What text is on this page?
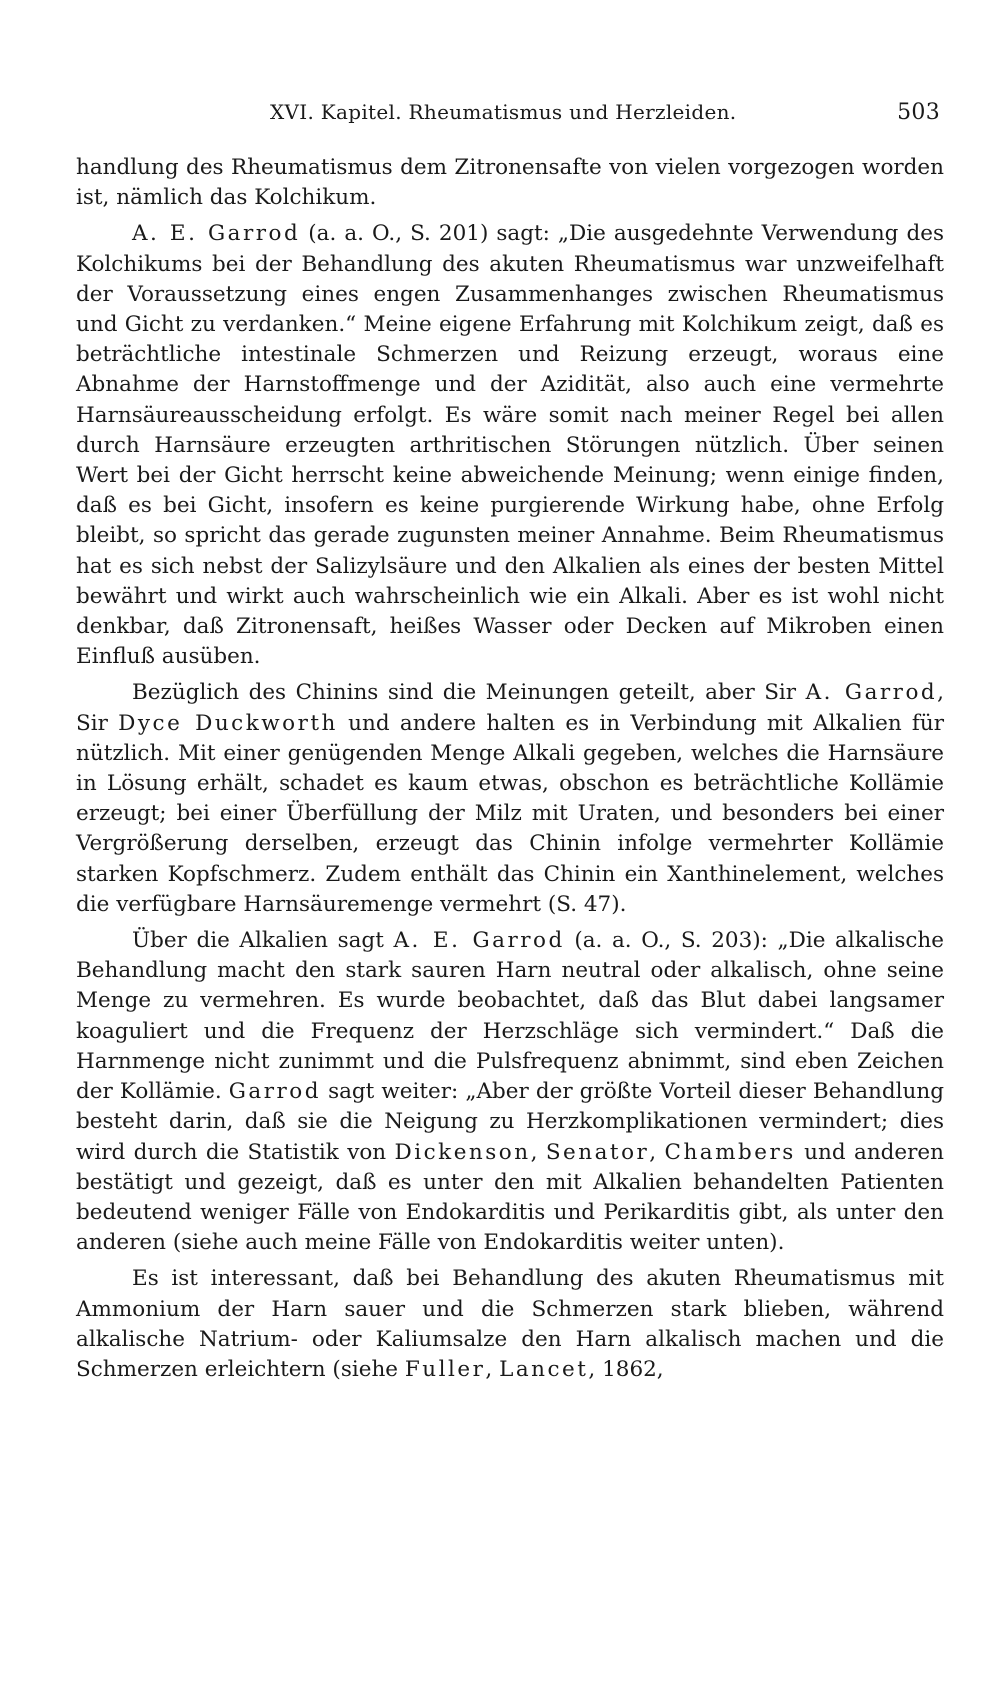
XVI. Kapitel. Rheumatismus und Herzleiden.	503

handlung des Rheumatismus dem Zitronensafte von vielen vorgezogen worden ist, nämlich das Kolchikum.

A. E. Garrod (a. a. O., S. 201) sagt: „Die ausgedehnte Verwendung des Kolchikums bei der Behandlung des akuten Rheumatismus war unzweifelhaft der Voraussetzung eines engen Zusammenhanges zwischen Rheumatismus und Gicht zu verdanken.“ Meine eigene Erfahrung mit Kolchikum zeigt, daß es beträchtliche intestinale Schmerzen und Reizung erzeugt, woraus eine Abnahme der Harnstoffmenge und der Azidität, also auch eine vermehrte Harnsäureausscheidung erfolgt. Es wäre somit nach meiner Regel bei allen durch Harnsäure erzeugten arthritischen Störungen nützlich. Über seinen Wert bei der Gicht herrscht keine abweichende Meinung; wenn einige finden, daß es bei Gicht, insofern es keine purgierende Wirkung habe, ohne Erfolg bleibt, so spricht das gerade zugunsten meiner Annahme. Beim Rheumatismus hat es sich nebst der Salizylsäure und den Alkalien als eines der besten Mittel bewährt und wirkt auch wahrscheinlich wie ein Alkali. Aber es ist wohl nicht denkbar, daß Zitronensaft, heißes Wasser oder Decken auf Mikroben einen Einfluß ausüben.

Bezüglich des Chinins sind die Meinungen geteilt, aber Sir A. Garrod, Sir Dyce Duckworth und andere halten es in Verbindung mit Alkalien für nützlich. Mit einer genügenden Menge Alkali gegeben, welches die Harnsäure in Lösung erhält, schadet es kaum etwas, obschon es beträchtliche Kollämie erzeugt; bei einer Überfüllung der Milz mit Uraten, und besonders bei einer Vergrößerung derselben, erzeugt das Chinin infolge vermehrter Kollämie starken Kopfschmerz. Zudem enthält das Chinin ein Xanthinelement, welches die verfügbare Harnsäuremenge vermehrt (S. 47).

Über die Alkalien sagt A. E. Garrod (a. a. O., S. 203): „Die alkalische Behandlung macht den stark sauren Harn neutral oder alkalisch, ohne seine Menge zu vermehren. Es wurde beobachtet, daß das Blut dabei langsamer koaguliert und die Frequenz der Herzschläge sich vermindert.“ Daß die Harnmenge nicht zunimmt und die Pulsfrequenz abnimmt, sind eben Zeichen der Kollämie. Garrod sagt weiter: „Aber der größte Vorteil dieser Behandlung besteht darin, daß sie die Neigung zu Herzkomplikationen vermindert; dies wird durch die Statistik von Dickenson, Senator, Chambers und anderen bestätigt und gezeigt, daß es unter den mit Alkalien behandelten Patienten bedeutend weniger Fälle von Endokarditis und Perikarditis gibt, als unter den anderen (siehe auch meine Fälle von Endokarditis weiter unten).

Es ist interessant, daß bei Behandlung des akuten Rheumatismus mit Ammonium der Harn sauer und die Schmerzen stark blieben, während alkalische Natrium- oder Kaliumsalze den Harn alkalisch machen und die Schmerzen erleichtern (siehe Fuller, Lancet, 1862,
